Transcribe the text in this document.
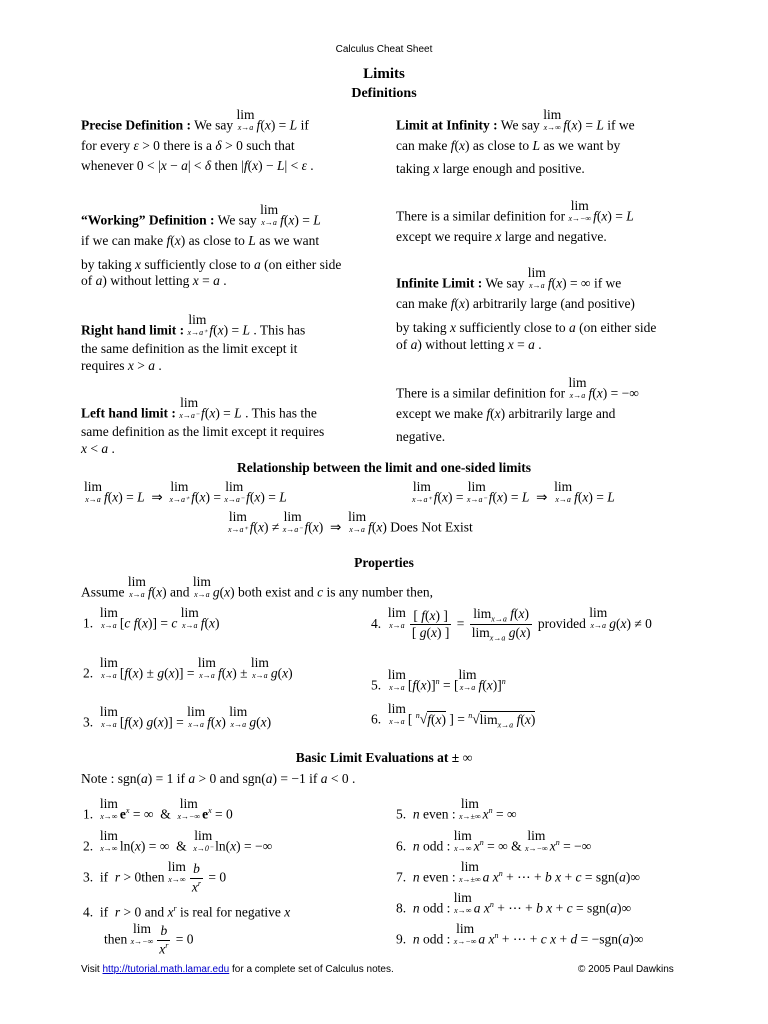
Calculus Cheat Sheet
Limits
Definitions
Precise Definition : We say
lim
x→a f(x) = L if
for every ε > 0 there is a δ > 0 such that
whenever 0 < |x − a| < δ then |f(x) − L| < ε .
“Working” Definition : We say
lim
x→a f(x) = L
if we can make f(x) as close to L as we want
by taking x sufficiently close to a (on either side
of a) without letting x = a .
Right hand limit :
lim
x→a⁺ f(x) = L . This has
the same definition as the limit except it
requires x > a .
Left hand limit :
lim
x→a⁻ f(x) = L . This has the
same definition as the limit except it requires
x < a .
Limit at Infinity : We say
lim
x→∞ f(x) = L if we
can make f(x) as close to L as we want by
taking x large enough and positive.
There is a similar definition for
lim
x→−∞ f(x) = L
except we require x large and negative.
Infinite Limit : We say
lim
x→a f(x) = ∞ if we
can make f(x) arbitrarily large (and positive)
by taking x sufficiently close to a (on either side
of a) without letting x = a .
There is a similar definition for
lim
x→a f(x) = −∞
except we make f(x) arbitrarily large and
negative.
Relationship between the limit and one-sided limits
lim
x→a f(x) = L  ⇒
lim
x→a⁺ f(x) =
lim
x→a⁻ f(x) = L
lim
x→a⁺ f(x) =
lim
x→a⁻ f(x) = L  ⇒
lim
x→a f(x) = L
lim
x→a⁺ f(x) ≠
lim
x→a⁻ f(x)  ⇒
lim
x→a f(x) Does Not Exist
Properties
Assume
lim
x→a f(x) and
lim
x→a g(x) both exist and c is any number then,
1.
lim
x→a [c f(x)] = c
lim
x→a f(x)
2.
lim
x→a [f(x) ± g(x)] =
lim
x→a f(x) ±
lim
x→a g(x)
3.
lim
x→a [f(x) g(x)] =
lim
x→a f(x)
lim
x→a g(x)
4.
lim
$x\to a \frac{[ f(x) ]}{[ g(x) ]} = \frac{\lim_{x\to a} f(x)}{\lim_{x\to a} g(x)}$ provided
lim
x→a g(x) ≠ 0
5.
lim
x→a $[f(x)]^n$ = [
lim
x→a f(x)]$^n$
6.
lim
x→a [ $^n$√f(x) ] = $^n√\lim_{x\to a}$ f(x)
Basic Limit Evaluations at ± ∞
Note : sgn(a) = 1 if a > 0 and sgn(a) = −1 if a < 0 .
1.
lim
x→∞ $e^x$ = ∞  &
lim
x→−∞ $e^x = 0$
2.
lim
x→∞ ln(x) = ∞  &
lim
x→0⁻ ln(x) = −∞
3.  if r > 0then
lim
$x\to\infty \frac{b}{x^r} = 0$
4.  if r > 0 and $x^r$ is real for negative x
then
lim
$x\to-\infty \frac{b}{x^r} = 0$
5.  n even :
lim
x→±∞ $x^n$ = ∞
6.  n odd :
lim
x→∞ $x^n$ = ∞ &
lim
x→−∞ $x^n$ = −∞
7.  n even :
lim
x→±∞ a $x^n$ + ⋯ + b x + c = sgn(a)∞
8.  n odd :
lim
x→∞ a $x^n$ + ⋯ + b x + c = sgn(a)∞
9.  n odd :
lim
x→−∞ a $x^n$ + ⋯ + c x + d = −sgn(a)∞
Visit http://tutorial.math.lamar.edu for a complete set of Calculus notes.	© 2005 Paul Dawkins
